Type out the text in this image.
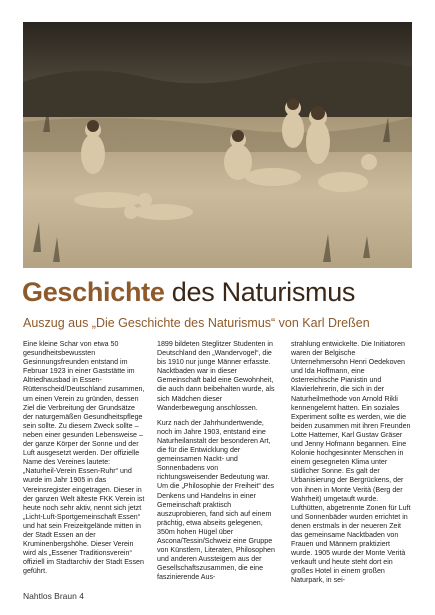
Geschichte des Naturismus
Auszug aus „Die Geschichte des Naturismus“ von Karl Dreßen

Eine kleine Schar von etwa 50 gesundheitsbewussten Gesinnungsfreunden entstand im Februar 1923 in einer Gaststätte im Altriedhausbad in Essen-Rüttenscheid/Deutschland zusammen, um einen Verein zu gründen, dessen Ziel die Verbreitung der Grundsätze der naturgemäßen Gesundheitspflege sein sollte. Zu diesem Zweck sollte – neben einer gesunden Lebensweise – der ganze Körper der Sonne und der Luft ausgesetzt werden. Der offizielle Name des Vereines lautete: „Naturheil-Verein Essen-Ruhr“ und wurde im Jahr 1905 in das Vereinsregister eingetragen. Dieser in der ganzen Welt älteste FKK Verein ist heute noch sehr aktiv, nennt sich jetzt „Licht-Luft-Sportgemeinschaft Essen“ und hat sein Freizeitgelände mitten in der Stadt Essen an der Kruminenbergshöhe. Dieser Verein wird als „Essener Traditionsverein“ offiziell im Stadtarchiv der Stadt Essen geführt.

1899 bildeten Steglitzer Studenten in Deutschland den „Wandervogel“, die bis 1910 nur junge Männer erfasste. Nacktbaden war in dieser Gemeinschaft bald eine Gewohnheit, die auch dann beibehalten wurde, als sich Mädchen dieser Wanderbewegung anschlossen.

Kurz nach der Jahrhundertwende, noch im Jahre 1903, entstand eine Naturheilanstalt der besonderen Art, die für die Entwicklung der gemeinsamen Nackt- und Sonnenbadens von richtungsweisender Bedeutung war. Um die „Philosophie der Freiheit“ des Denkens und Handelns in einer Gemeinschaft praktisch auszuprobieren, fand sich auf einem prächtig, etwa abseits gelegenen, 350m hohen Hügel über Ascona/Tessin/Schweiz eine Gruppe von Künstlern, Literaten, Philosophen und anderen Aussteigern aus der Gesellschaftszusammen, die eine faszinierende Aus-

strahlung entwickelte. Die Initiatoren waren der Belgische Unternehmersohn Henri Oedekoven und Ida Hoffmann, eine österreichische Pianistin und Klavierlehrerin, die sich in der Naturheilmethode von Arnold Rikli kennengelernt hatten. Ein soziales Experiment sollte es werden, wie die beiden zusammen mit ihren Freunden Lotte Hattemer, Karl Gustav Gräser und Jenny Hofmann begannen. Eine Kolonie hochgesinnter Menschen in einem gesegneten Klima unter südlicher Sonne. Es galt der Urbanisierung der Bergrückens, der von ihnen in Monte Verità (Berg der Wahrheit) umgetauft wurde. Lufthütten, abgetrennte Zonen für Luft und Sonnenbäder wurden errichtet in denen erstmals in der neueren Zeit das gemeinsame Nacktbaden von Frauen und Männern praktiziert wurde. 1905 wurde der Monte Verità verkauft und heute steht dort ein großes Hotel in einem großen Naturpark, in sei-

Nahtlos Braun 4
